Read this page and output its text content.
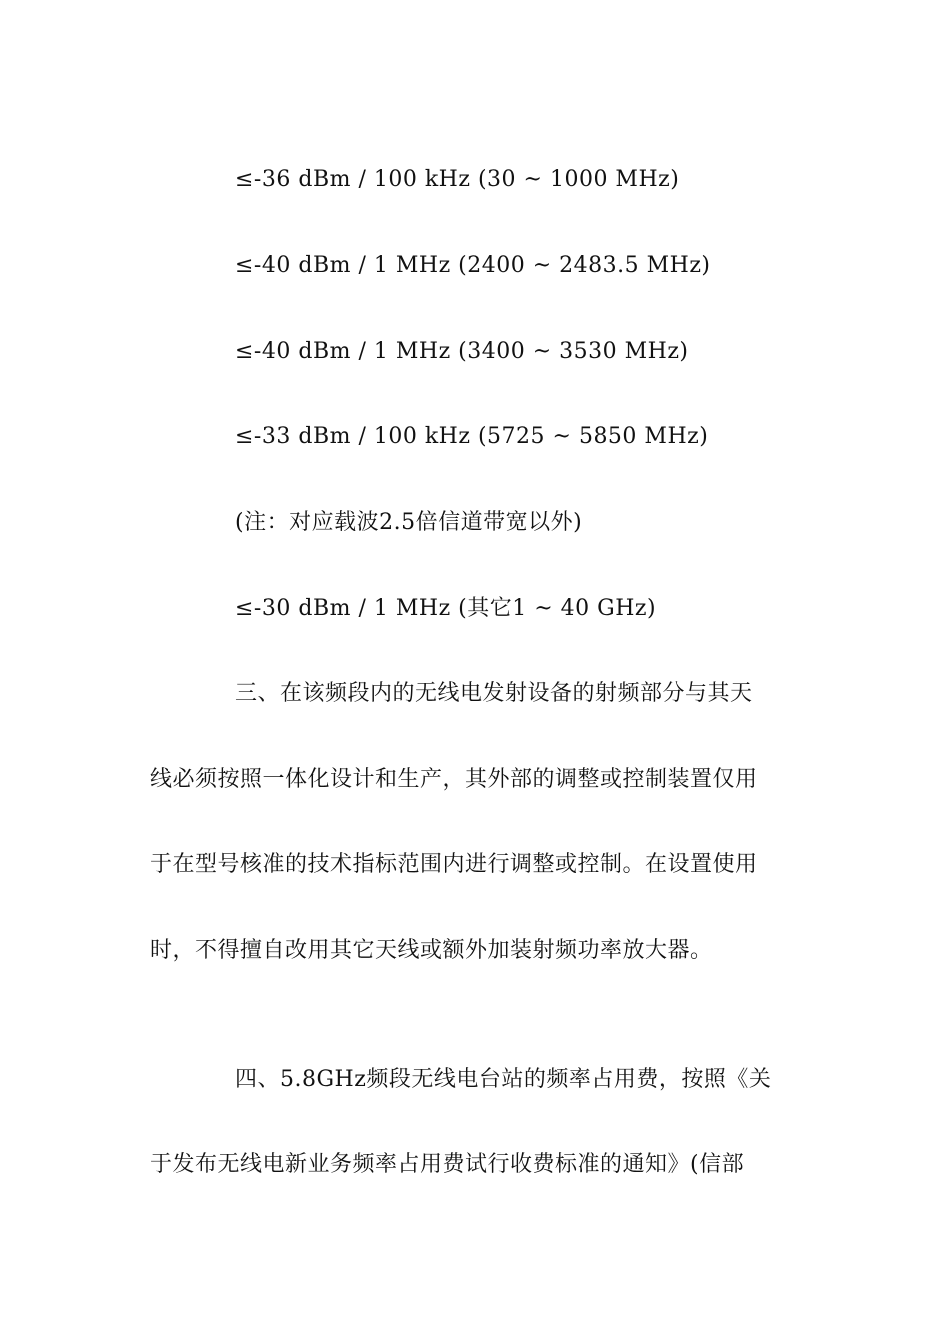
≤-36 dBm / 100 kHz (30 ~ 1000 MHz)
≤-40 dBm / 1 MHz (2400 ~ 2483.5 MHz)
≤-40 dBm / 1 MHz (3400 ~ 3530 MHz)
≤-33 dBm / 100 kHz (5725 ~ 5850 MHz)
(注：对应载波2.5倍信道带宽以外)
≤-30 dBm / 1 MHz (其它1 ~ 40 GHz)
三、在该频段内的无线电发射设备的射频部分与其天
线必须按照一体化设计和生产，其外部的调整或控制装置仅用
于在型号核准的技术指标范围内进行调整或控制。在设置使用
时，不得擅自改用其它天线或额外加装射频功率放大器。
四、5.8GHz频段无线电台站的频率占用费，按照《关
于发布无线电新业务频率占用费试行收费标准的通知》(信部
